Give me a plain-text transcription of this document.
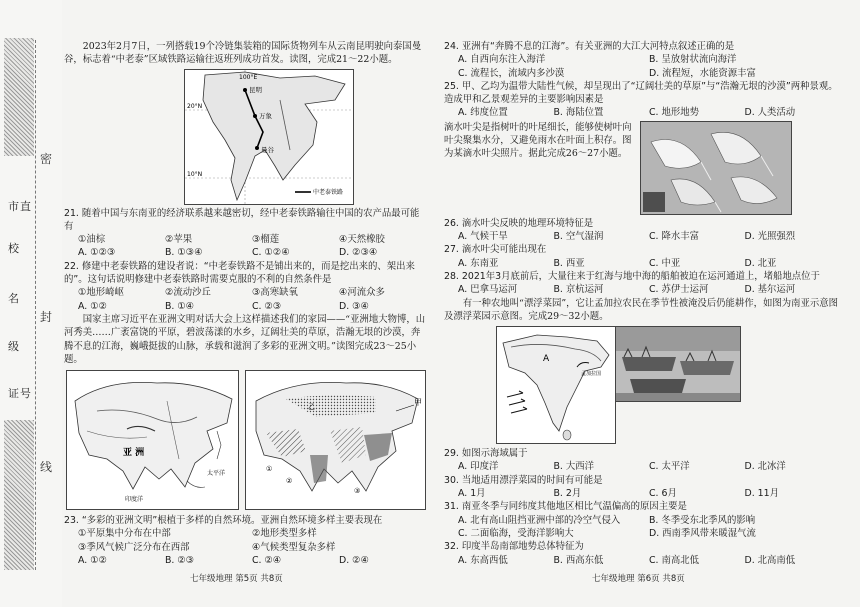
市直
校
名
级
证号
密
封
线

2023年2月7日，一列搭载19个冷链集装箱的国际货物列车从云南昆明驶向泰国曼谷，标志着“中老泰”区域铁路运输往返班列成功首发。读图，完成21～22小题。

100°E
20°N
10°N
昆明
万象
曼谷
中老泰铁路

21. 随着中国与东南亚的经济联系越来越密切，经中老泰铁路输往中国的农产品最可能有

①油棕	②苹果	③榴莲	④天然橡胶
A. ①②③	B. ①③④	C. ①②④	D. ②③④

22. 修建中老泰铁路的建设者说：“中老泰铁路不是铺出来的，而是挖出来的、架出来的”。这句话说明修建中老泰铁路时需要克服的不利的自然条件是

①地形崎岖	②流动沙丘	③高寒缺氧	④河流众多
A. ①②	B. ①④	C. ②③	D. ③④

国家主席习近平在亚洲文明对话大会上这样描述我们的家园——“亚洲地大物博，山河秀美……广袤富饶的平原，碧波荡漾的水乡，辽阔壮美的草原，浩瀚无垠的沙漠，奔腾不息的江海，巍峨挺拔的山脉，承载和滋润了多彩的亚洲文明。”读图完成23～25小题。

亚 洲
太平洋
印度洋
甲
乙
①
②
③

23. “多彩的亚洲文明”根植于多样的自然环境。亚洲自然环境多样主要表现在

①平原集中分布在中部	②地形类型多样
③季风气候广泛分布在西部	④气候类型复杂多样
A. ①②	B. ②③	C. ②④	D. ②④
七年级地理 第5页 共8页

24. 亚洲有“奔腾不息的江海”。有关亚洲的大江大河特点叙述正确的是

A. 自西向东注入海洋	B. 呈放射状流向海洋
C. 流程长，流域内多沙漠	D. 流程短，水能资源丰富

25. 甲、乙均为温带大陆性气候，却呈现出了“辽阔壮美的草原”与“浩瀚无垠的沙漠”两种景观。造成甲和乙景观差异的主要影响因素是

A. 纬度位置	B. 海陆位置	C. 地形地势	D. 人类活动

滴水叶尖是指树叶的叶尾细长，能够使树叶向叶尖聚集水分，又避免雨水在叶面上积存。图为某滴水叶尖照片。据此完成26～27小题。

26. 滴水叶尖反映的地理环境特征是

A. 气候干旱	B. 空气湿润	C. 降水丰富	D. 光照强烈

27. 滴水叶尖可能出现在

A. 东南亚	B. 西亚	C. 中亚	D. 北亚

28. 2021年3月底前后，大量往来于红海与地中海的船舶被迫在运河通道上，堵船地点位于

A. 巴拿马运河	B. 京杭运河	C. 苏伊士运河	D. 基尔运河

有一种农地叫“漂浮菜园”，它让孟加拉农民在季节性被淹没后仍能耕作，如图为南亚示意图及漂浮菜园示意图。完成29～32小题。

A
孟加拉国

29. 如图示海域属于

A. 印度洋	B. 大西洋	C. 太平洋	D. 北冰洋

30. 当地适用漂浮菜园的时间有可能是

A. 1月	B. 2月	C. 6月	D. 11月

31. 南亚冬季与同纬度其他地区相比气温偏高的原因主要是

A. 北有高山阻挡亚洲中部的冷空气侵入	B. 冬季受东北季风的影响
C. 二面临海，受海洋影响大	D. 西南季风带来暖湿气流

32. 印度半岛南部地势总体特征为

A. 东高西低	B. 西高东低	C. 南高北低	D. 北高南低
七年级地理 第6页 共8页
